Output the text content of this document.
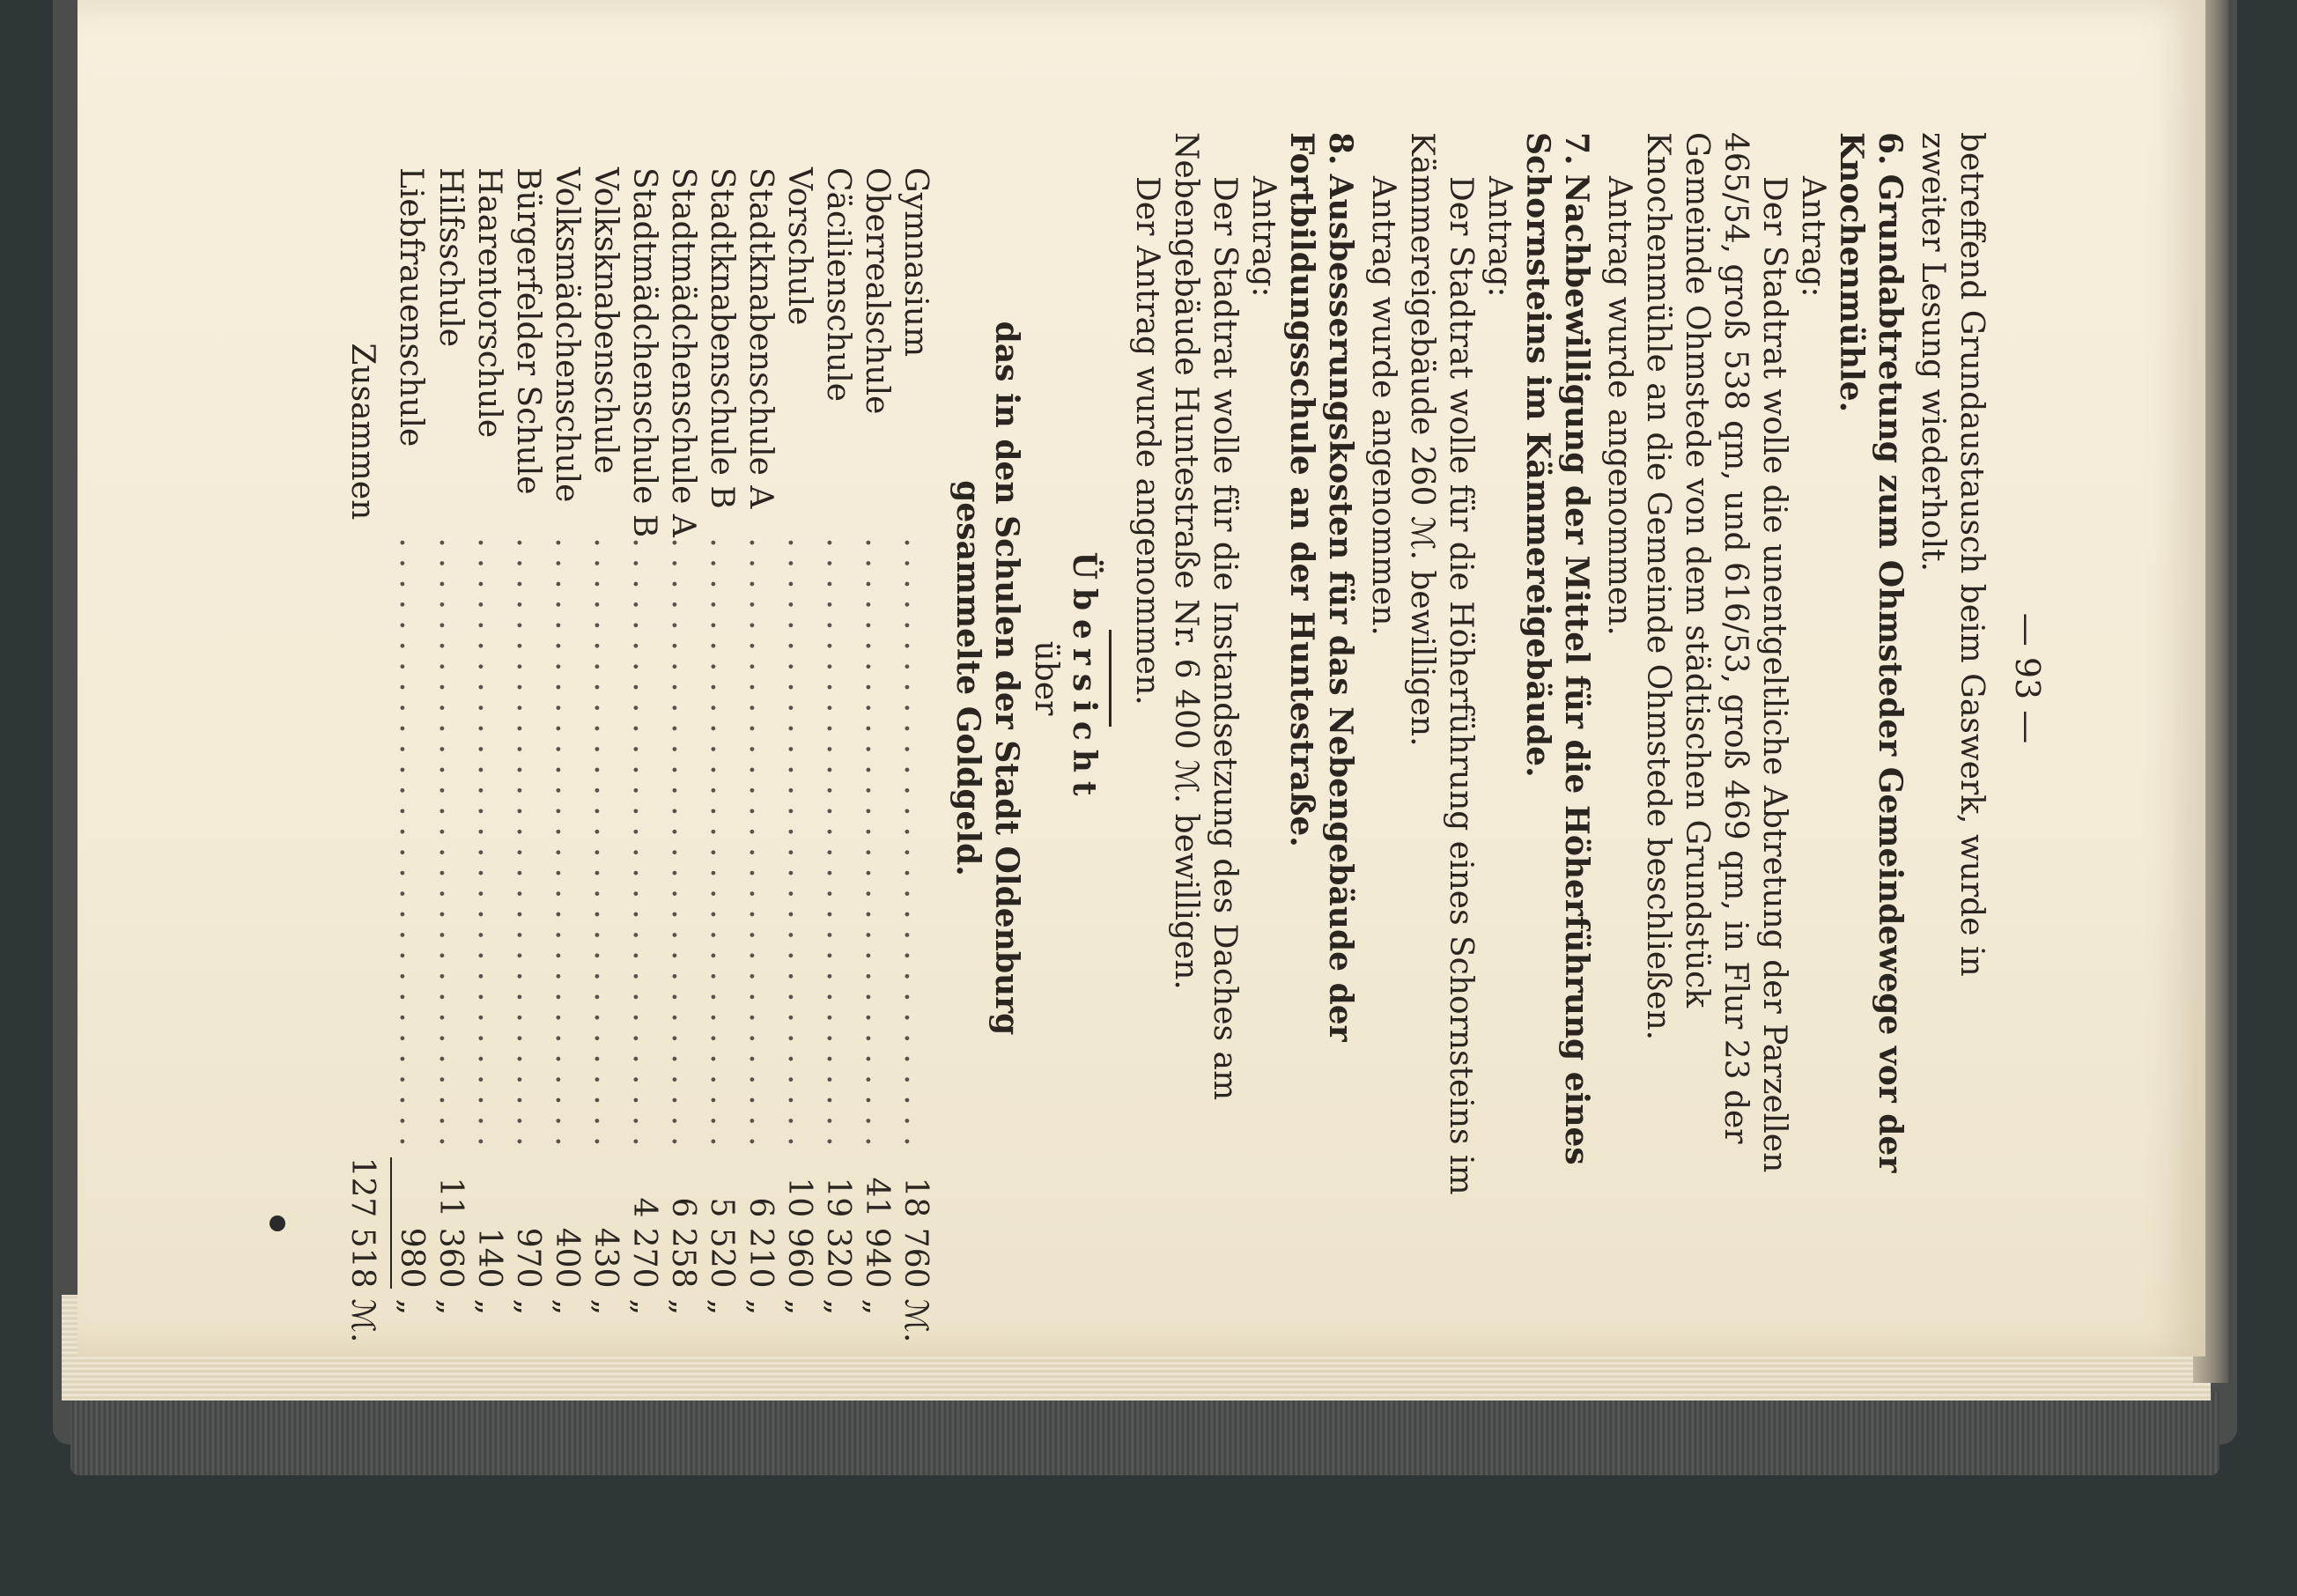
— 93 —

betreffend Grundaustausch beim Gaswerk, wurde in

zweiter Lesung wiederholt.

6.Grundabtretung zum Ohmsteder Gemeindewege vor der Knochenmühle.

Antrag:

Der Stadtrat wolle die unentgeltliche Abtretung der Parzellen 465/54, groß 538 qm, und 616/53, groß 469 qm, in Flur 23 der Gemeinde Ohmstede von dem städtischen Grundstück Knochenmühle an die Gemeinde Ohmstede beschließen.

Antrag wurde angenommen.

7.Nachbewilligung der Mittel für die Höherführung eines Schornsteins im Kämmereigebäude.

Antrag:

Der Stadtrat wolle für die Höherführung eines Schornsteins im Kämmereigebäude 260 ℳ. bewilligen.

Antrag wurde angenommen.

8.Ausbesserungskosten für das Nebengebäude der Fortbildungsschule an der Huntestraße.

Antrag:

Der Stadtrat wolle für die Instandsetzung des Daches am Nebengebäude Huntestraße Nr. 6 400 ℳ. bewilligen.

Der Antrag wurde angenommen.

Übersicht

über

das in den Schulen der Stadt Oldenburg

gesammelte Goldgeld.

Gymnasium	..............................	18 760	ℳ.
Oberrealschule	..............................	41 940	„
Cäcilienschule	..............................	19 320	„
Vorschule	..............................	10 960	„
Stadtknabenschule A	..............................	6 210	„
Stadtknabenschule B	..............................	5 520	„
Stadtmädchenschule A	..............................	6 258	„
Stadtmädchenschule B	..............................	4 270	„
Volksknabenschule	..............................	430	„
Volksmädchenschule	..............................	400	„
Bürgerfelder Schule	..............................	970	„
Haarentorschule	..............................	140	„
Hilfsschule	..............................	11 360	„
Liebfrauenschule	..............................	980	„
Zusammen		127 518	ℳ.
